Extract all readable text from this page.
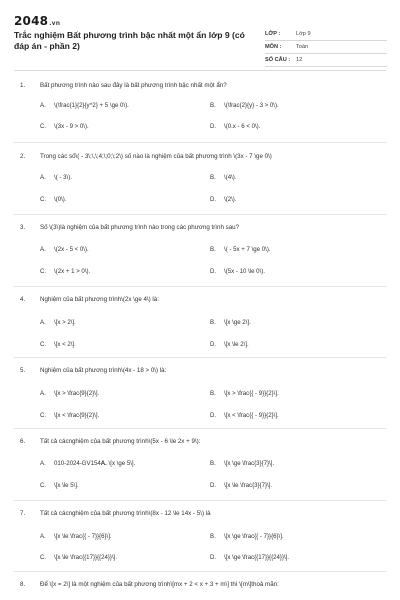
2048.vn
Trắc nghiệm Bất phương trình bậc nhất một ẩn lớp 9 (có đáp án - phần 2)
LỚP :	Lớp 9
MÔN :	Toán
SỐ CÂU : 12
1. Bất phương trình nào sau đây là bất phương trình bậc nhất một ẩn?
A. \(\frac{1}{2}{y^2} + 5 \ge 0\).	B. \(\frac{2}{y} - 3 > 0\).
C. \(3x - 9 > 0\).	D. \(0.x - 6 < 0\).
2. Trong các số\( - 3\;\,\;4;\;0;\;2\) số nào là nghiệm của bất phương trình \(3x - 7 \ge 0\)
A. \( - 3\).	B. \(4\).
C. \(0\).	D. \(2\).
3. Số \(3\)là nghiệm của bất phương trình nào trong các phương trình sau?
A. \(2x - 5 < 0\).	B. \( - 5x + 7 \ge 0\).
C. \(2x + 1 > 0\).	D. \(5x - 10 \le 0\).
4. Nghiệm của bất phương trình\(2x \ge 4\) là:
A. \[x > 2\].	B. \[x \ge 2\].
C. \[x < 2\].	D. \[x \le 2\].
5. Nghiệm của bất phương trình\(4x - 18 > 0\) là:
A. \[x > \frac{9}{2}\].	B. \[x > \frac{{ - 9}}{2}\].
C. \[x < \frac{9}{2}\].	D. \[x < \frac{{ - 9}}{2}\].
6. Tất cả cácnghiệm của bất phương trình\(5x - 6 \le 2x + 9\):
A. 010-2024-GV154A. \[x \ge 5\].	B. \[x \ge \frac{3}{7}\].
C. \[x \le 5\].	D. \[x \le \frac{3}{7}\].
7. Tất cả cácnghiệm của bất phương trình\(8x - 12 \le 14x - 5\) là
A. \[x \le \frac{{ - 7}}{6}\].	B. \[x \ge \frac{{ - 7}}{6}\].
C. \[x \le \frac{{17}}{{24}}\].	D. \[x \ge \frac{{17}}{{24}}\].
8. Để \[x = 2\] là một nghiệm của bất phương trình\[mx + 2 < x + 3 + m\] thì \[m\]thoả mãn:
